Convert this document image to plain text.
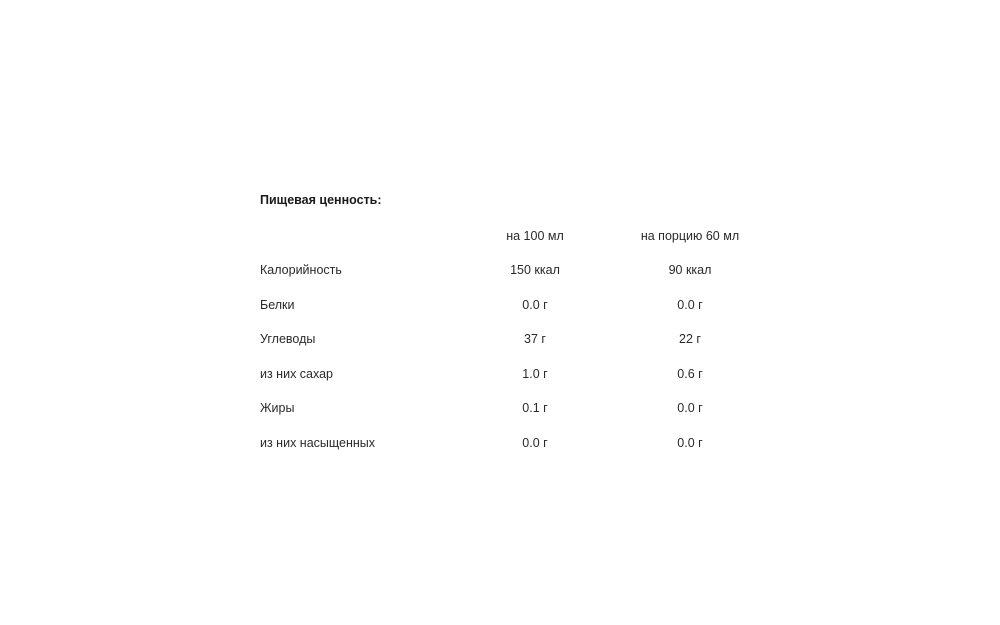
Пищевая ценность:
	на 100 мл	на порцию 60 мл
Калорийность	150 ккал	90 ккал
Белки	0.0 г	0.0 г
Углеводы	37 г	22 г
из них сахар	1.0 г	0.6 г
Жиры	0.1 г	0.0 г
из них насыщенных	0.0 г	0.0 г
